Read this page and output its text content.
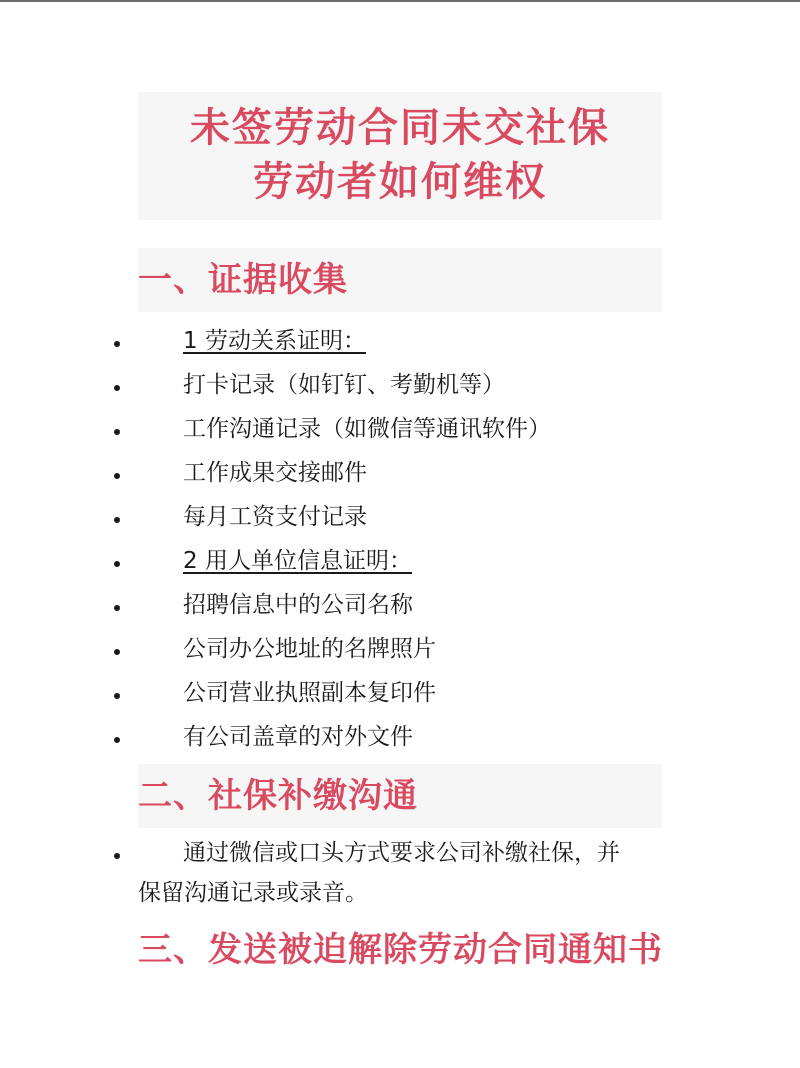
未签劳动合同未交社保
劳动者如何维权
一、证据收集
1 劳动关系证明：
打卡记录（如钉钉、考勤机等）
工作沟通记录（如微信等通讯软件）
工作成果交接邮件
每月工资支付记录
2 用人单位信息证明：
招聘信息中的公司名称
公司办公地址的名牌照片
公司营业执照副本复印件
有公司盖章的对外文件
二、社保补缴沟通
通过微信或口头方式要求公司补缴社保，并
保留沟通记录或录音。
三、发送被迫解除劳动合同通知书
